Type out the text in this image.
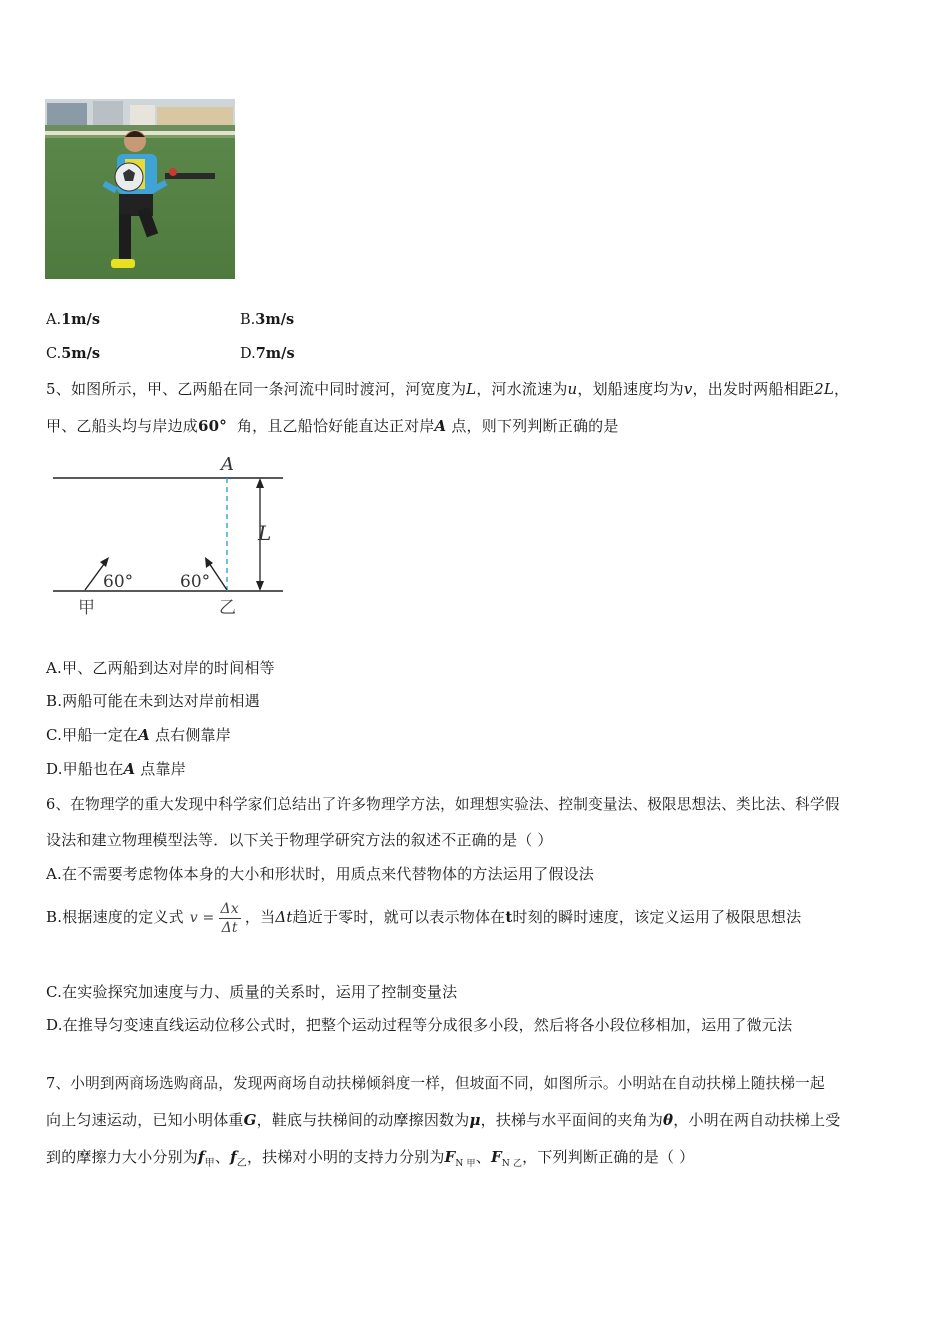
A.1m/s	B.3m/s
C.5m/s	D.7m/s
5、如图所示，甲、乙两船在同一条河流中同时渡河，河宽度为L，河水流速为u，划船速度均为v，出发时两船相距2L，
甲、乙船头均与岸边成60° 角，且乙船恰好能直达正对岸A 点，则下列判断正确的是
A
L
60°	60°
甲	乙
A.甲、乙两船到达对岸的时间相等
B.两船可能在未到达对岸前相遇
C.甲船一定在A 点右侧靠岸
D.甲船也在A 点靠岸
6、在物理学的重大发现中科学家们总结出了许多物理学方法，如理想实验法、控制变量法、极限思想法、类比法、科学假
设法和建立物理模型法等．以下关于物理学研究方法的叙述不正确的是（ ）
A.在不需要考虑物体本身的大小和形状时，用质点来代替物体的方法运用了假设法
B.根据速度的定义式 $v = \frac{\Delta x}{\Delta t}$ ，当Δt趋近于零时，就可以表示物体在t时刻的瞬时速度，该定义运用了极限思想法
C.在实验探究加速度与力、质量的关系时，运用了控制变量法
D.在推导匀变速直线运动位移公式时，把整个运动过程等分成很多小段，然后将各小段位移相加，运用了微元法
7、小明到两商场选购商品，发现两商场自动扶梯倾斜度一样，但坡面不同，如图所示。小明站在自动扶梯上随扶梯一起
向上匀速运动，已知小明体重G，鞋底与扶梯间的动摩擦因数为μ，扶梯与水平面间的夹角为θ，小明在两自动扶梯上受
到的摩擦力大小分别为$f_甲$、$f_乙$，扶梯对小明的支持力分别为$F_{N 甲}$、$F_{N 乙}$，下列判断正确的是（ ）
